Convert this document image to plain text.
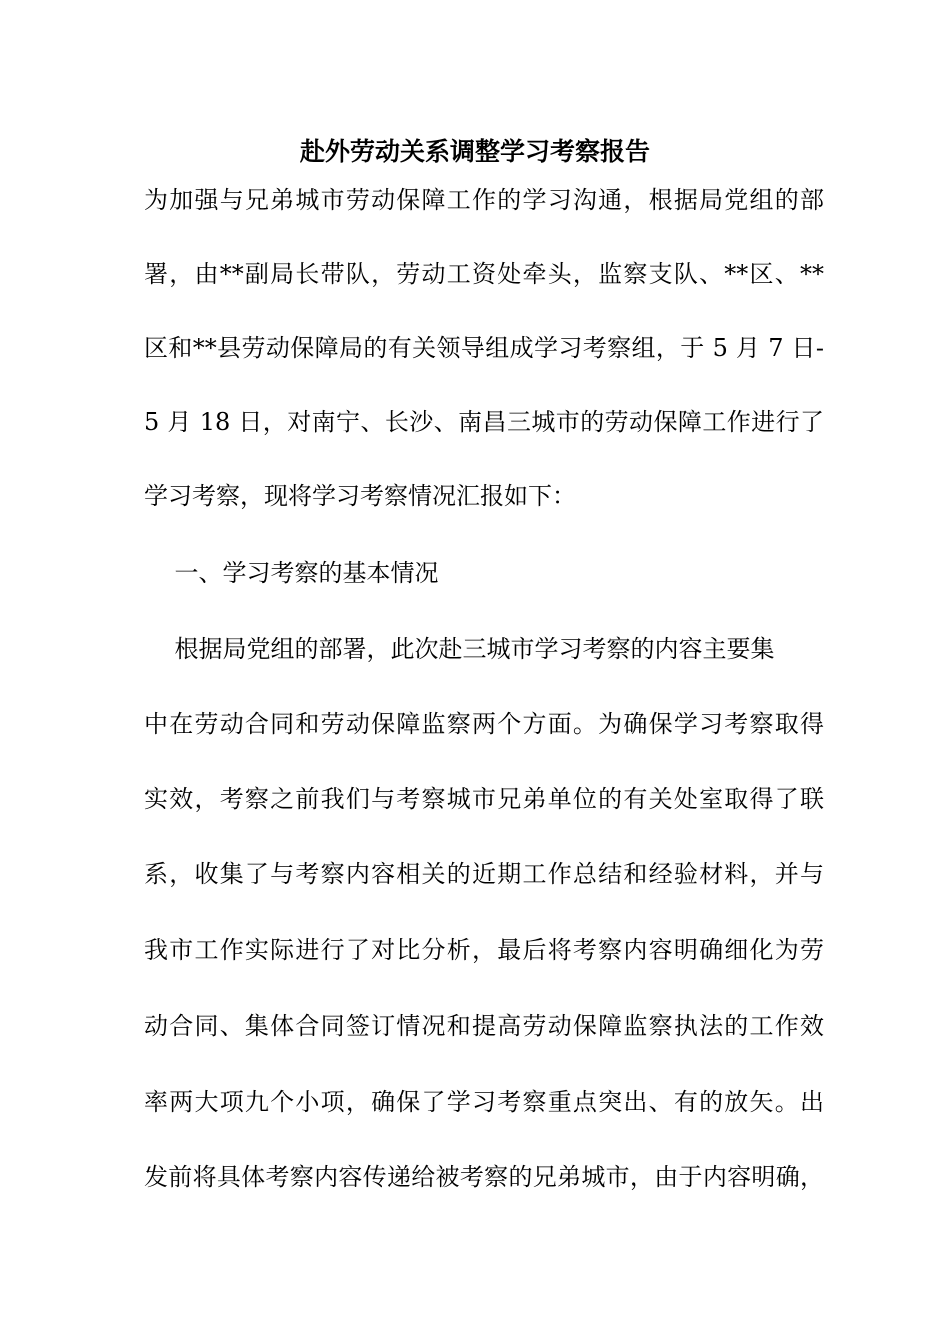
赴外劳动关系调整学习考察报告
为加强与兄弟城市劳动保障工作的学习沟通，根据局党组的部
署，由**副局长带队，劳动工资处牵头，监察支队、**区、**
区和**县劳动保障局的有关领导组成学习考察组，于 5 月 7 日-
5 月 18 日，对南宁、长沙、南昌三城市的劳动保障工作进行了
学习考察，现将学习考察情况汇报如下：
一、学习考察的基本情况
根据局党组的部署，此次赴三城市学习考察的内容主要集
中在劳动合同和劳动保障监察两个方面。为确保学习考察取得
实效，考察之前我们与考察城市兄弟单位的有关处室取得了联
系，收集了与考察内容相关的近期工作总结和经验材料，并与
我市工作实际进行了对比分析，最后将考察内容明确细化为劳
动合同、集体合同签订情况和提高劳动保障监察执法的工作效
率两大项九个小项，确保了学习考察重点突出、有的放矢。出
发前将具体考察内容传递给被考察的兄弟城市，由于内容明确，
